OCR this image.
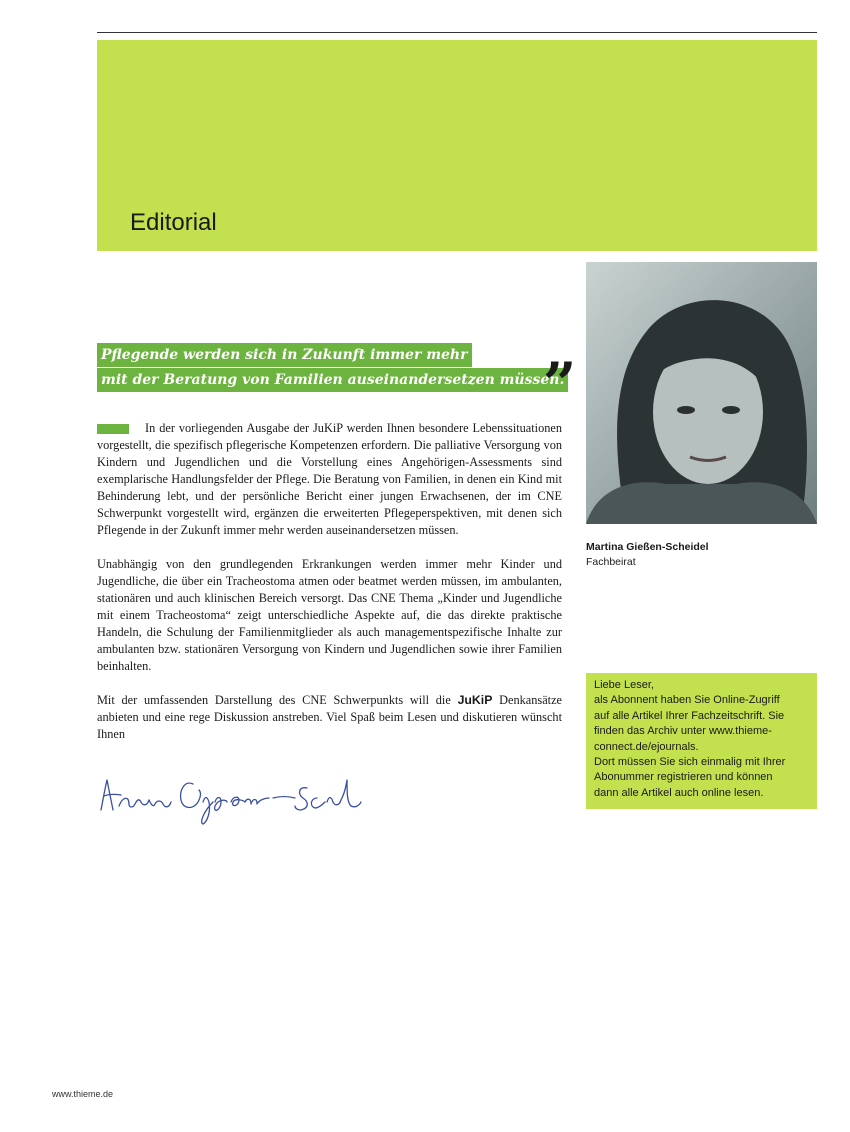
Editorial
Martina Gießen-Scheidel
Fachbeirat
Pflegende werden sich in Zukunft immer mehr
mit der Beratung von Familien auseinandersetzen müssen.
”

In der vorliegenden Ausgabe der JuKiP werden Ihnen besondere Lebenssituationen vorgestellt, die spezifisch pflegerische Kompetenzen erfordern. Die palliative Versorgung von Kindern und Jugendlichen und die Vorstellung eines Angehörigen-Assessments sind exemplarische Handlungsfelder der Pflege. Die Beratung von Familien, in denen ein Kind mit Behinderung lebt, und der persönliche Bericht einer jungen Erwachsenen, der im CNE Schwerpunkt vorgestellt wird, ergänzen die erweiterten Pflegeperspektiven, mit denen sich Pflegende in der Zukunft immer mehr werden auseinandersetzen müssen.

Unabhängig von den grundlegenden Erkrankungen werden immer mehr Kinder und Jugendliche, die über ein Tracheostoma atmen oder beatmet werden müssen, im ambulanten, stationären und auch klinischen Bereich versorgt. Das CNE Thema „Kinder und Jugendliche mit einem Tracheostoma“ zeigt unterschiedliche Aspekte auf, die das direkte praktische Handeln, die Schulung der Familienmitglieder als auch managementspezifische Inhalte zur ambulanten bzw. stationären Versorgung von Kindern und Jugendlichen sowie ihrer Familien beinhalten.

Mit der umfassenden Darstellung des CNE Schwerpunkts will die JuKiP Denkansätze anbieten und eine rege Diskussion anstreben. Viel Spaß beim Lesen und diskutieren wünscht Ihnen

Liebe Leser,
als Abonnent haben Sie Online-Zugriff
auf alle Artikel Ihrer Fachzeitschrift. Sie
finden das Archiv unter www.thieme-
connect.de/ejournals.
Dort müssen Sie sich einmalig mit Ihrer
Abonummer registrieren und können
dann alle Artikel auch online lesen.
www.thieme.de
